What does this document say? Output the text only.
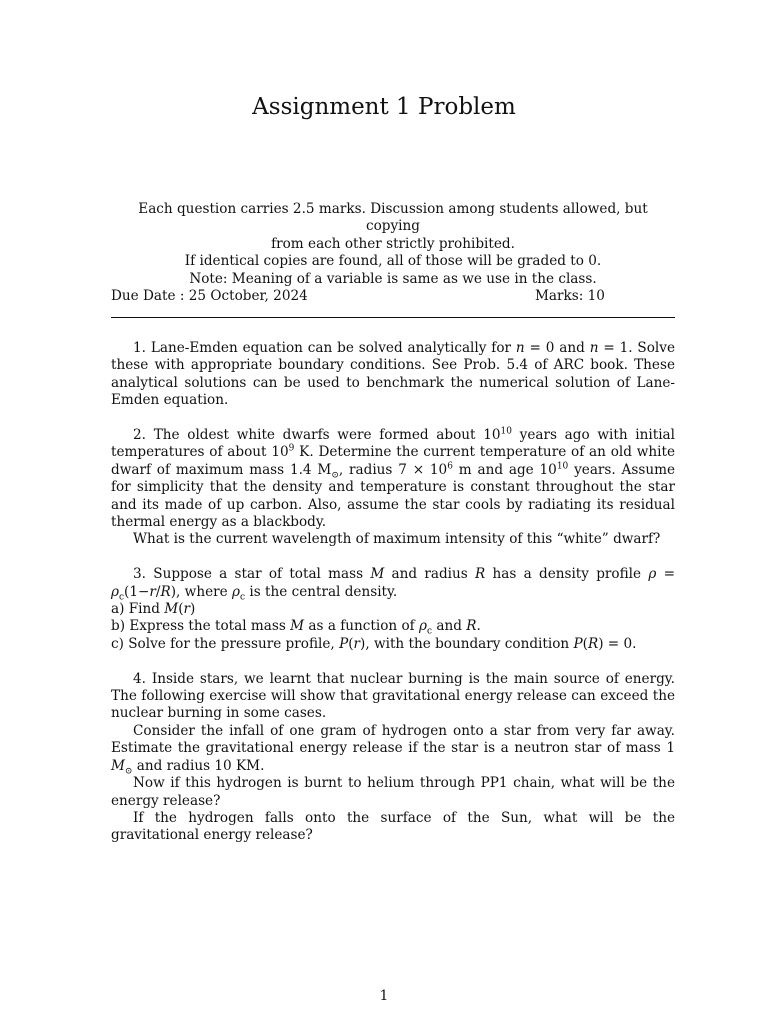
Assignment 1 Problem
Each question carries 2.5 marks. Discussion among students allowed, but copying
from each other strictly prohibited.
If identical copies are found, all of those will be graded to 0.
Note: Meaning of a variable is same as we use in the class.
Due Date : 25 October, 2024	Marks: 10

1. Lane-Emden equation can be solved analytically for n = 0 and n = 1. Solve these with appropriate boundary conditions. See Prob. 5.4 of ARC book. These analytical solutions can be used to benchmark the numerical solution of Lane-Emden equation.

2. The oldest white dwarfs were formed about $10^{10}$ years ago with initial temperatures of about $10^9$ K. Determine the current temperature of an old white dwarf of maximum mass 1.4 $M_⊙$, radius $7 \times 10^6$ m and age $10^{10}$ years. Assume for simplicity that the density and temperature is constant throughout the star and its made of up carbon. Also, assume the star cools by radiating its residual thermal energy as a blackbody.

What is the current wavelength of maximum intensity of this “white” dwarf?

3. Suppose a star of total mass M and radius R has a density profile $\rho = \rho_c(1-r/R)$, where $\rho_c$ is the central density.

a) Find M(r)

b) Express the total mass M as a function of $\rho_c$ and R.

c) Solve for the pressure profile, P(r), with the boundary condition P(R) = 0.

4. Inside stars, we learnt that nuclear burning is the main source of energy. The following exercise will show that gravitational energy release can exceed the nuclear burning in some cases.

Consider the infall of one gram of hydrogen onto a star from very far away. Estimate the gravitational energy release if the star is a neutron star of mass 1 $M_⊙$ and radius 10 KM.

Now if this hydrogen is burnt to helium through PP1 chain, what will be the energy release?

If the hydrogen falls onto the surface of the Sun, what will be the gravitational energy release?

1
